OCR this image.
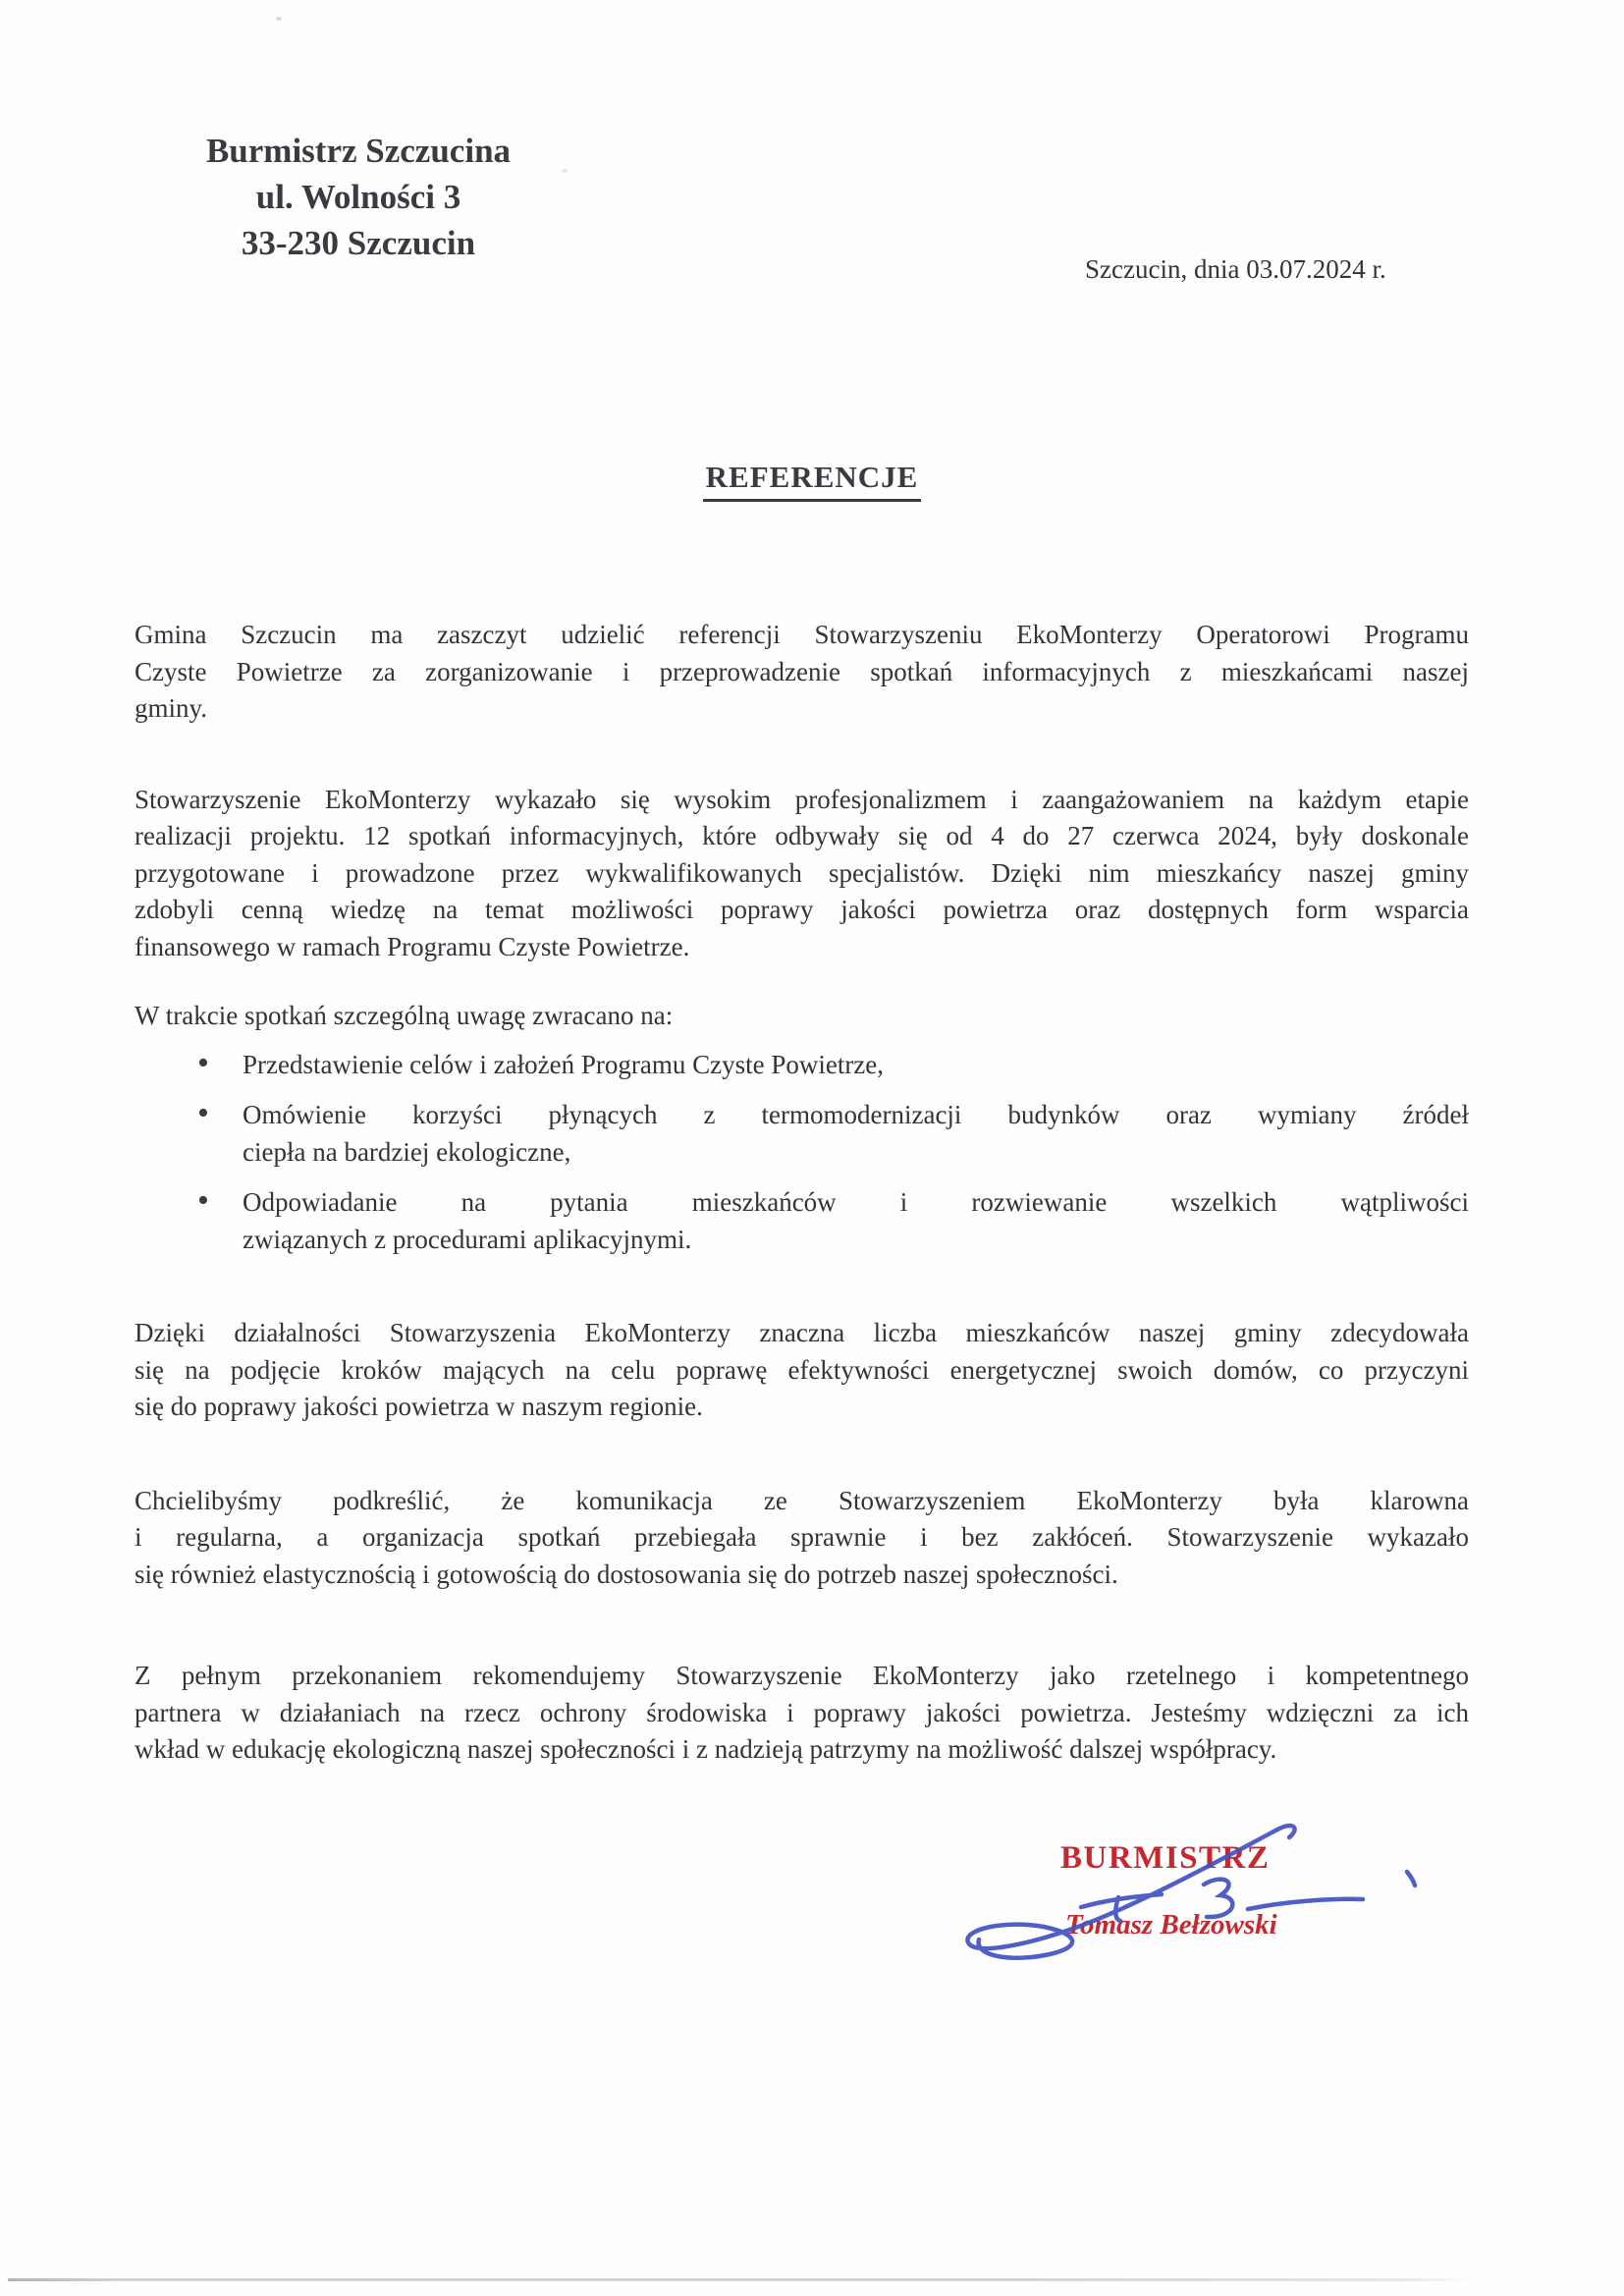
Burmistrz Szczucina
ul. Wolności 3
33-230 Szczucin
Szczucin, dnia 03.07.2024 r.
REFERENCJE
Gmina Szczucin ma zaszczyt udzielić referencji Stowarzyszeniu EkoMonterzy Operatorowi Programu
Czyste Powietrze za zorganizowanie i przeprowadzenie spotkań informacyjnych z mieszkańcami naszej
gminy.
Stowarzyszenie EkoMonterzy wykazało się wysokim profesjonalizmem i zaangażowaniem na każdym etapie
realizacji projektu. 12 spotkań informacyjnych, które odbywały się od 4 do 27 czerwca 2024, były doskonale
przygotowane i prowadzone przez wykwalifikowanych specjalistów. Dzięki nim mieszkańcy naszej gminy
zdobyli cenną wiedzę na temat możliwości poprawy jakości powietrza oraz dostępnych form wsparcia
finansowego w ramach Programu Czyste Powietrze.
W trakcie spotkań szczególną uwagę zwracano na:
• Przedstawienie celów i założeń Programu Czyste Powietrze,
• Omówienie korzyści płynących z termomodernizacji budynków oraz wymiany źródeł
ciepła na bardziej ekologiczne,
• Odpowiadanie na pytania mieszkańców i rozwiewanie wszelkich wątpliwości
związanych z procedurami aplikacyjnymi.
Dzięki działalności Stowarzyszenia EkoMonterzy znaczna liczba mieszkańców naszej gminy zdecydowała
się na podjęcie kroków mających na celu poprawę efektywności energetycznej swoich domów, co przyczyni
się do poprawy jakości powietrza w naszym regionie.
Chcielibyśmy podkreślić, że komunikacja ze Stowarzyszeniem EkoMonterzy była klarowna
i regularna, a organizacja spotkań przebiegała sprawnie i bez zakłóceń. Stowarzyszenie wykazało
się również elastycznością i gotowością do dostosowania się do potrzeb naszej społeczności.
Z pełnym przekonaniem rekomendujemy Stowarzyszenie EkoMonterzy jako rzetelnego i kompetentnego
partnera w działaniach na rzecz ochrony środowiska i poprawy jakości powietrza. Jesteśmy wdzięczni za ich
wkład w edukację ekologiczną naszej społeczności i z nadzieją patrzymy na możliwość dalszej współpracy.
BURMISTRZ
Tomasz Bełzowski
